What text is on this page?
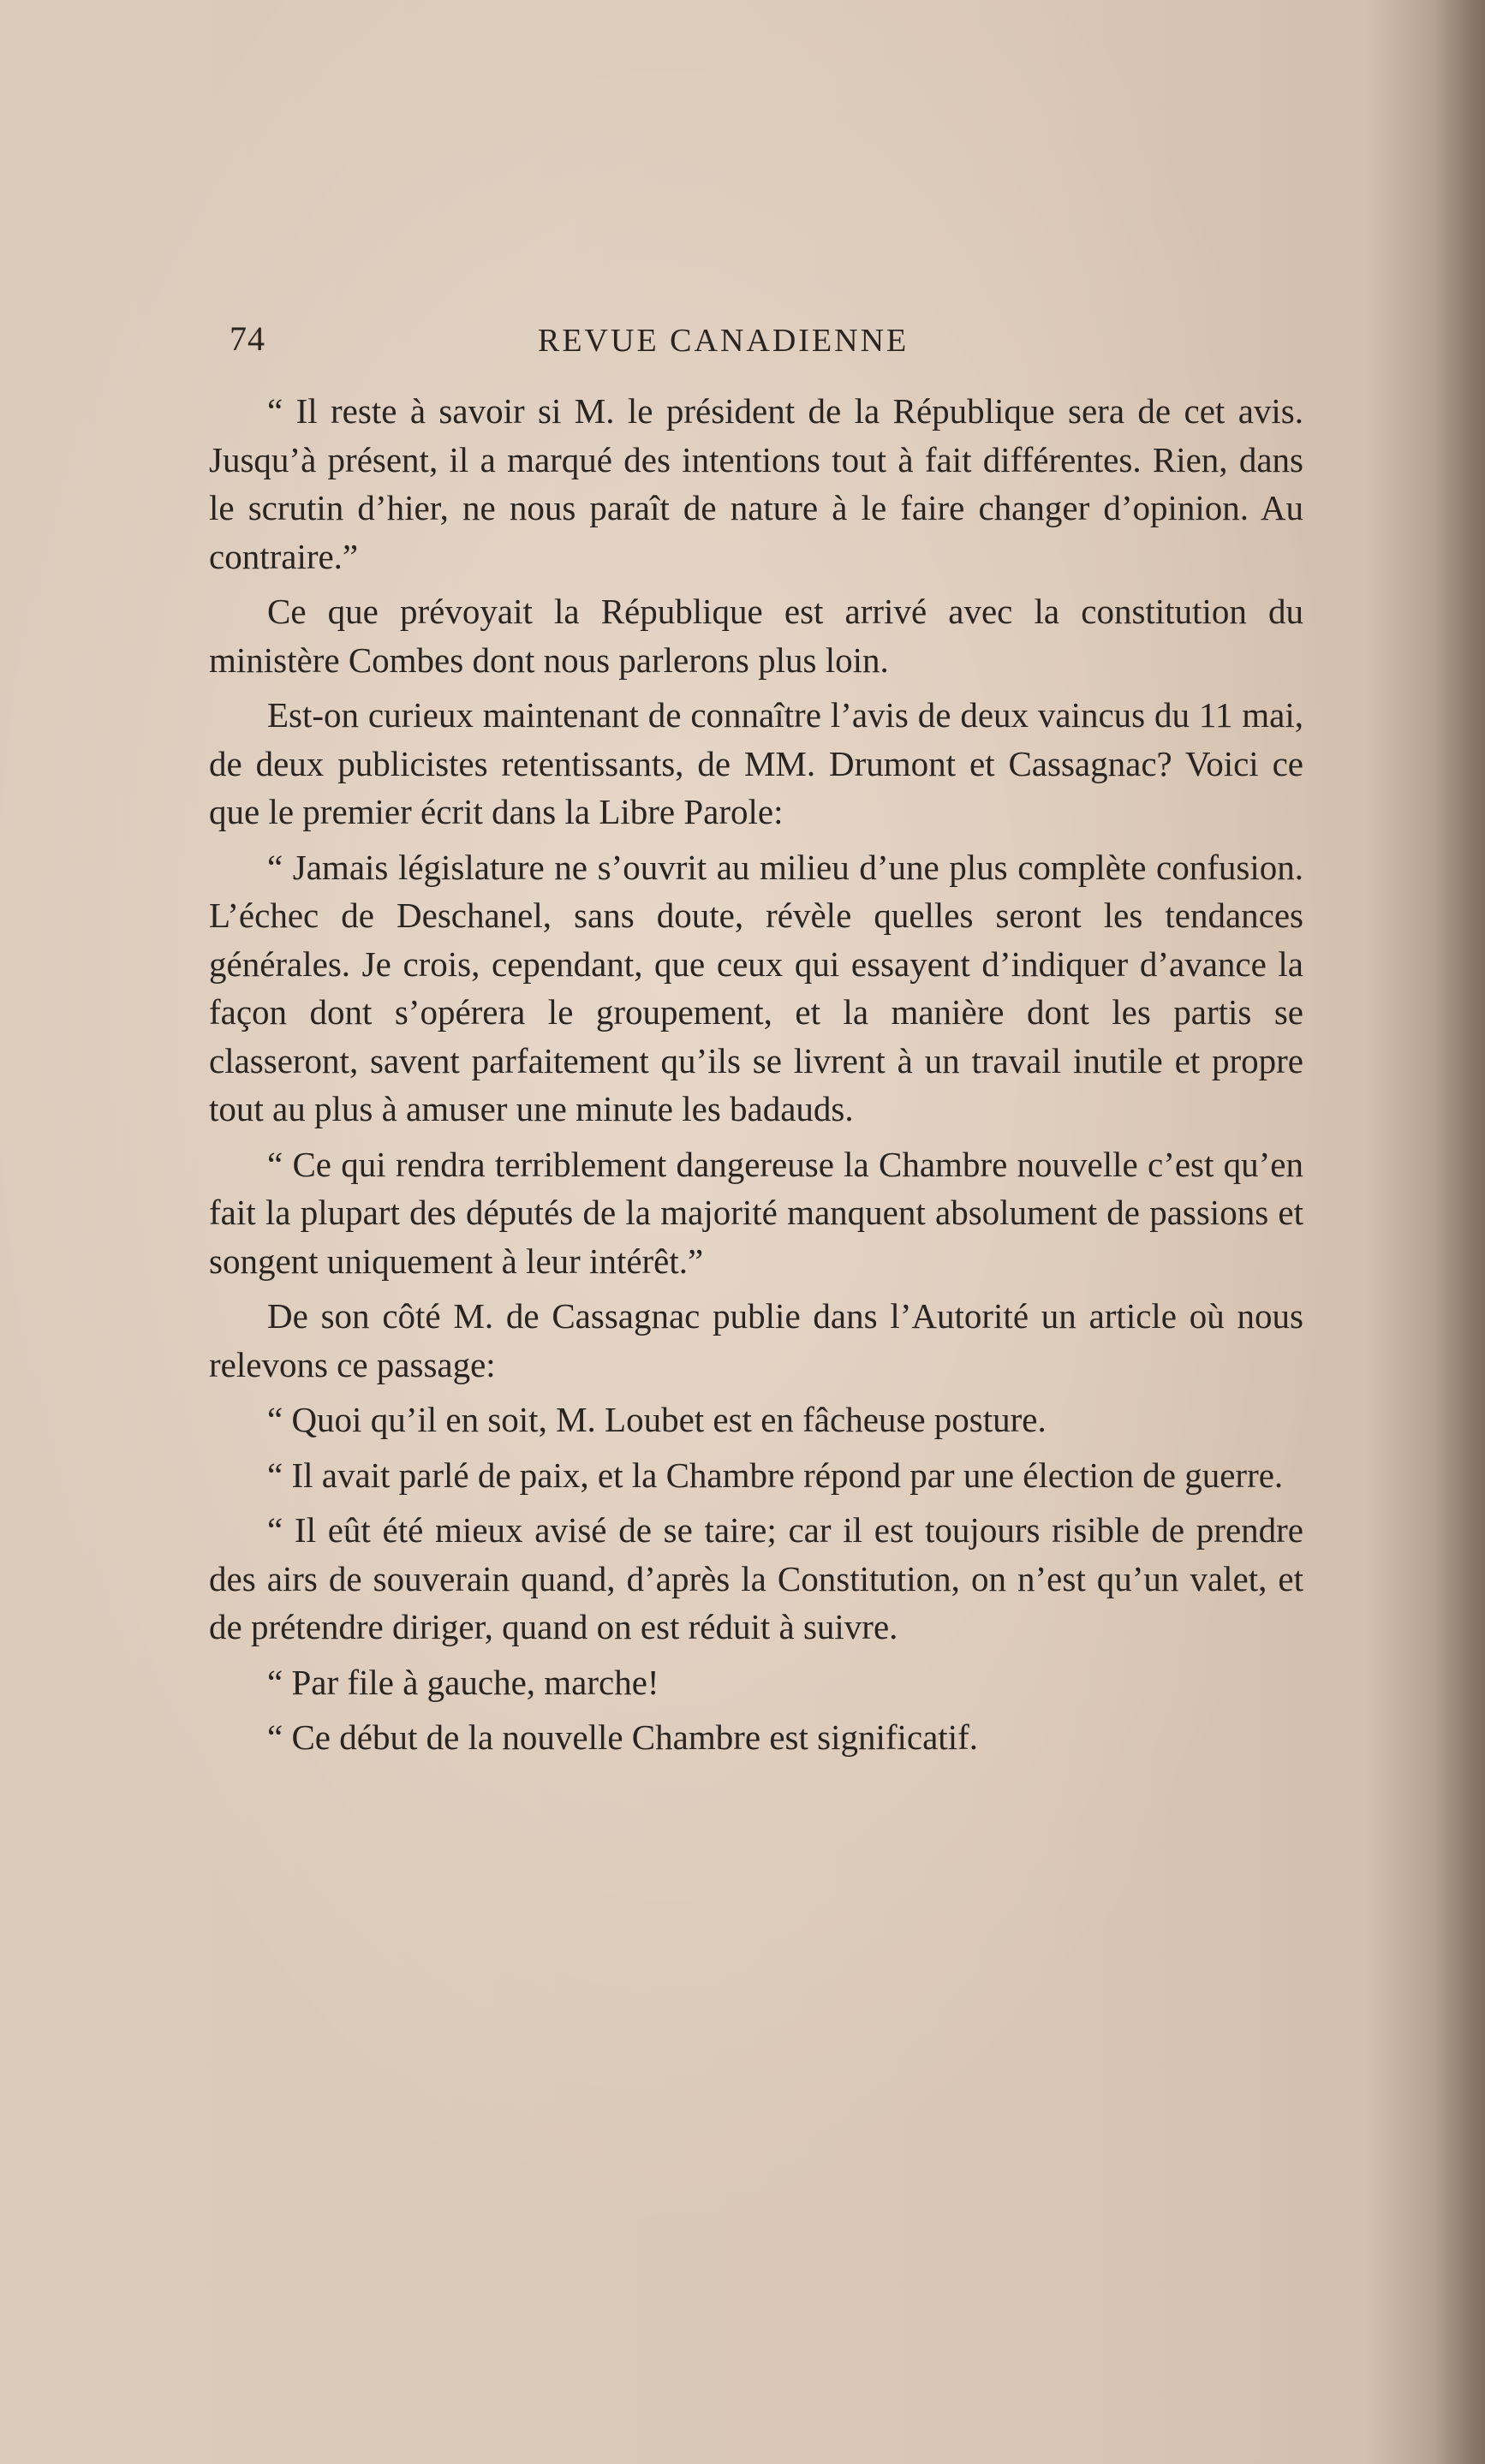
74	REVUE CANADIENNE

“ Il reste à savoir si M. le président de la République sera de cet avis. Jusqu’à présent, il a marqué des intentions tout à fait différentes. Rien, dans le scrutin d’hier, ne nous paraît de nature à le faire changer d’opinion. Au contraire.”

Ce que prévoyait la République est arrivé avec la constitution du ministère Combes dont nous parlerons plus loin.

Est-on curieux maintenant de connaître l’avis de deux vaincus du 11 mai, de deux publicistes retentissants, de MM. Drumont et Cassagnac? Voici ce que le premier écrit dans la Libre Parole:

“ Jamais législature ne s’ouvrit au milieu d’une plus complète confusion. L’échec de Deschanel, sans doute, révèle quelles seront les tendances générales. Je crois, cependant, que ceux qui essayent d’indiquer d’avance la façon dont s’opérera le groupement, et la manière dont les partis se classeront, savent parfaitement qu’ils se livrent à un travail inutile et propre tout au plus à amuser une minute les badauds.

“ Ce qui rendra terriblement dangereuse la Chambre nouvelle c’est qu’en fait la plupart des députés de la majorité manquent absolument de passions et songent uniquement à leur intérêt.”

De son côté M. de Cassagnac publie dans l’Autorité un article où nous relevons ce passage:

“ Quoi qu’il en soit, M. Loubet est en fâcheuse posture.

“ Il avait parlé de paix, et la Chambre répond par une élection de guerre.

“ Il eût été mieux avisé de se taire; car il est toujours risible de prendre des airs de souverain quand, d’après la Constitution, on n’est qu’un valet, et de prétendre diriger, quand on est réduit à suivre.

“ Par file à gauche, marche!

“ Ce début de la nouvelle Chambre est significatif.
